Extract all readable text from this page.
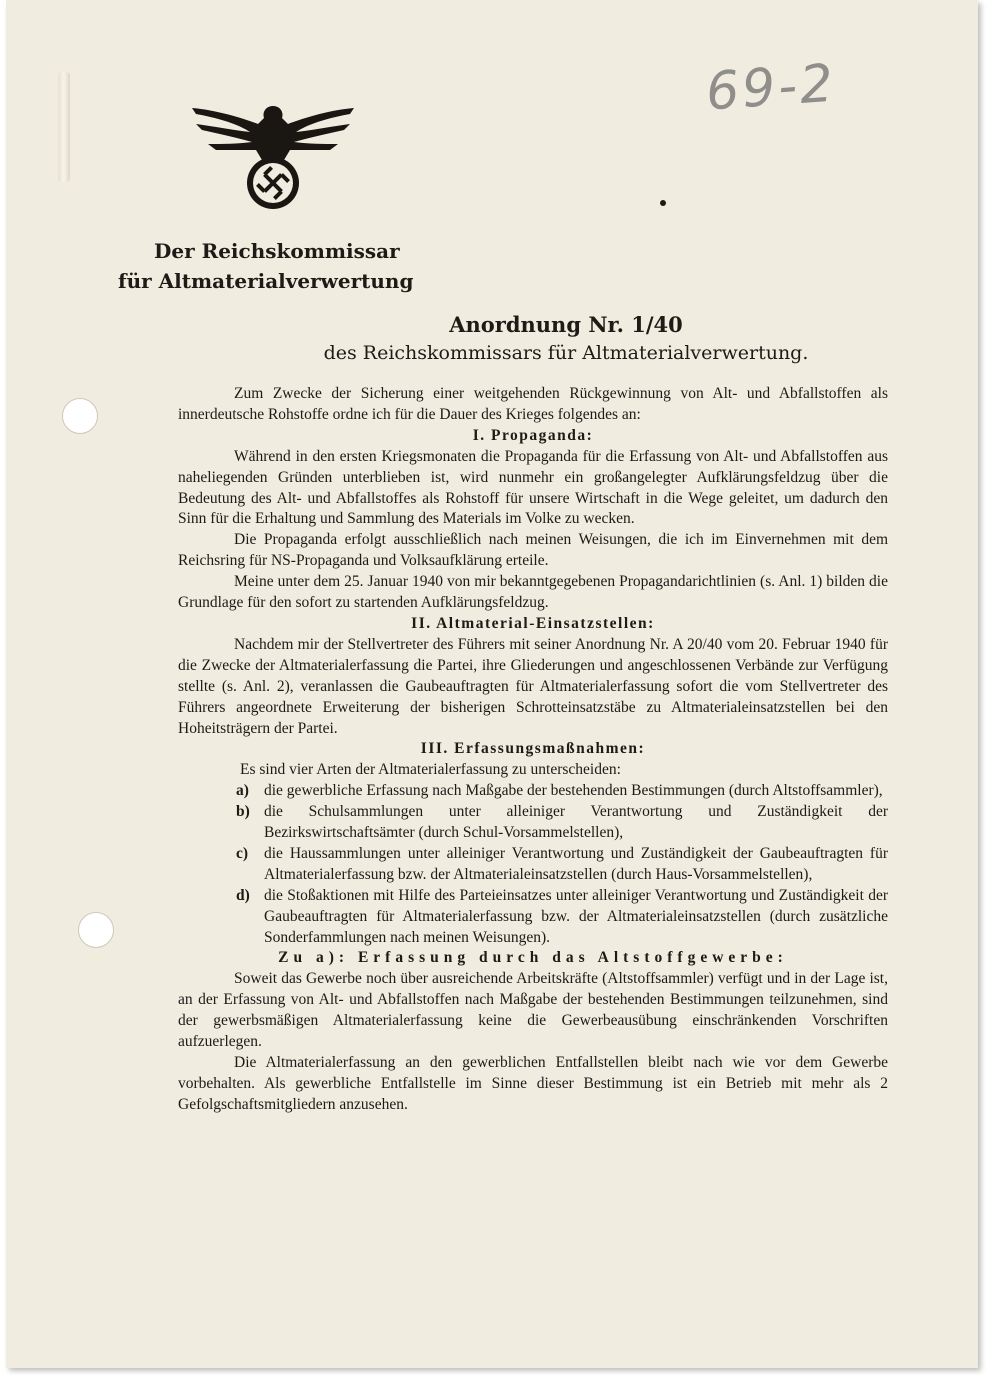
69-2
Der Reichskommissar
für Altmaterialverwertung
Anordnung Nr. 1/40
des Reichskommissars für Altmaterialverwertung.

Zum Zwecke der Sicherung einer weitgehenden Rückgewinnung von Alt- und Abfallstoffen als innerdeutsche Rohstoffe ordne ich für die Dauer des Krieges folgendes an:

I. Propaganda:

Während in den ersten Kriegsmonaten die Propaganda für die Erfassung von Alt- und Abfallstoffen aus naheliegenden Gründen unterblieben ist, wird nunmehr ein großangelegter Aufklärungsfeldzug über die Bedeutung des Alt- und Abfallstoffes als Rohstoff für unsere Wirtschaft in die Wege geleitet, um dadurch den Sinn für die Erhaltung und Sammlung des Materials im Volke zu wecken.

Die Propaganda erfolgt ausschließlich nach meinen Weisungen, die ich im Einvernehmen mit dem Reichsring für NS-Propaganda und Volksaufklärung erteile.

Meine unter dem 25. Januar 1940 von mir bekanntgegebenen Propagandarichtlinien (s. Anl. 1) bilden die Grundlage für den sofort zu startenden Aufklärungsfeldzug.

II. Altmaterial-Einsatzstellen:

Nachdem mir der Stellvertreter des Führers mit seiner Anordnung Nr. A 20/40 vom 20. Februar 1940 für die Zwecke der Altmaterialerfassung die Partei, ihre Gliederungen und angeschlossenen Verbände zur Verfügung stellte (s. Anl. 2), veranlassen die Gaubeauftragten für Altmaterialerfassung sofort die vom Stellvertreter des Führers angeordnete Erweiterung der bisherigen Schrotteinsatzstäbe zu Altmaterialeinsatzstellen bei den Hoheitsträgern der Partei.

III. Erfassungsmaßnahmen:

Es sind vier Arten der Altmaterialerfassung zu unterscheiden:

a) die gewerbliche Erfassung nach Maßgabe der bestehenden Bestimmungen (durch Altstoffsammler),
b) die Schulsammlungen unter alleiniger Verantwortung und Zuständigkeit der Bezirkswirtschaftsämter (durch Schul-Vorsammelstellen),
c)	die Haussammlungen unter alleiniger Verantwortung und Zuständigkeit der Gaubeauftragten für Altmaterialerfassung bzw. der Altmaterialeinsatzstellen (durch Haus-Vorsammelstellen),
d) die Stoßaktionen mit Hilfe des Parteieinsatzes unter alleiniger Verantwortung und Zuständigkeit der Gaubeauftragten für Altmaterialerfassung bzw. der Altmaterialeinsatzstellen (durch zusätzliche Sonderfammlungen nach meinen Weisungen).
Zu a): Erfassung durch das Altstoffgewerbe:

Soweit das Gewerbe noch über ausreichende Arbeitskräfte (Altstoffsammler) verfügt und in der Lage ist, an der Erfassung von Alt- und Abfallstoffen nach Maßgabe der bestehenden Bestimmungen teilzunehmen, sind der gewerbsmäßigen Altmaterialerfassung keine die Gewerbeausübung einschränkenden Vorschriften aufzuerlegen.

Die Altmaterialerfassung an den gewerblichen Entfallstellen bleibt nach wie vor dem Gewerbe vorbehalten. Als gewerbliche Entfallstelle im Sinne dieser Bestimmung ist ein Betrieb mit mehr als 2 Gefolgschaftsmitgliedern anzusehen.
